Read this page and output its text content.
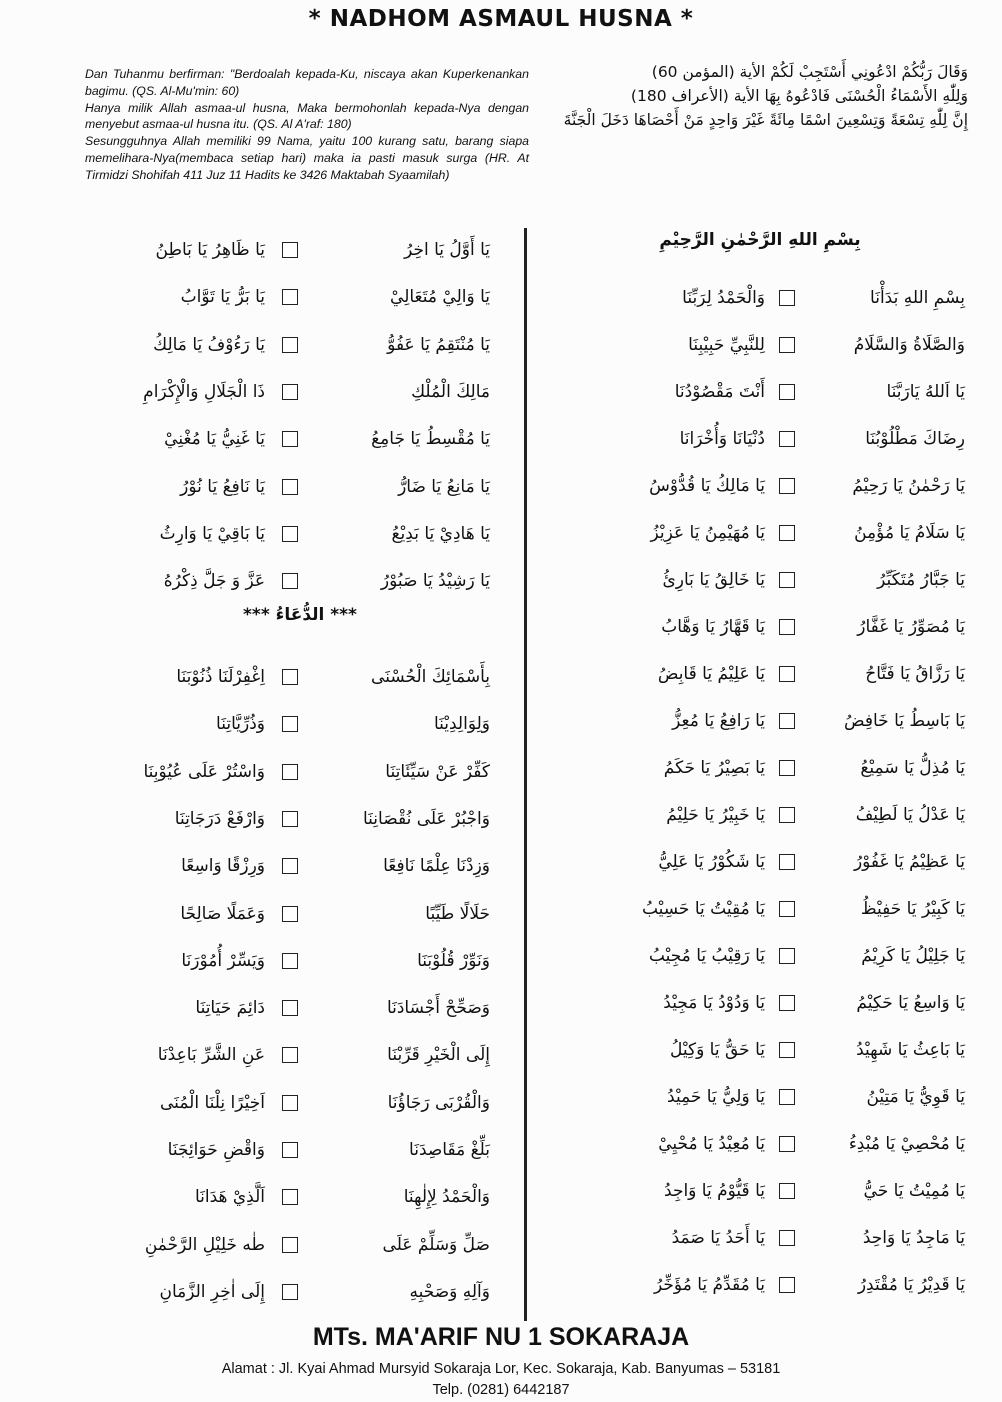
* NADHOM ASMAUL HUSNA *

Dan Tuhanmu berfirman: "Berdoalah kepada-Ku, niscaya akan Kuperkenankan bagimu. (QS. Al-Mu'min: 60)

Hanya milik Allah asmaa-ul husna, Maka bermohonlah kepada-Nya dengan menyebut asmaa-ul husna itu. (QS. Al A'raf: 180)

Sesungguhnya Allah memiliki 99 Nama, yaitu 100 kurang satu, barang siapa memelihara-Nya(membaca setiap hari) maka ia pasti masuk surga (HR. At Tirmidzi Shohifah 411 Juz 11 Hadits ke 3426 Maktabah Syaamilah)

وَقَالَ رَبُّكُمْ ادْعُونِي أَسْتَجِبْ لَكُمْ الأية (المؤمن 60)

وَلِلّٰهِ الأَسْمَاءُ الْحُسْنَى فَادْعُوهُ بِهَا الأية (الأعراف 180)

إِنَّ لِلّٰهِ تِسْعَةً وَتِسْعِينَ اسْمًا مِائَةً غَيْرَ وَاحِدٍ مَنْ أَحْصَاهَا دَخَلَ الْجَنَّةَ

بِسْمِ اللهِ الرَّحْمٰنِ الرَّحِيْمِ
بِسْمِ اللهِ بَدَأْنَا
وَالْحَمْدُ لِرَبِّنَا
وَالصَّلَاةُ وَالسَّلَامُ
لِلنَّبِيِّ حَبِيْبِنَا
يَا اَللهُ يَارَبَّنَا
أَنْتَ مَقْصُوْدُنَا
رِضَاكَ مَطْلُوْبُنَا
دُنْيَانَا وَأُخْرَانَا
يَا رَحْمٰنُ يَا رَحِيْمُ
يَا مَالِكُ يَا قُدُّوْسُ
يَا سَلَامُ يَا مُؤْمِنُ
يَا مُهَيْمِنُ يَا عَزِيْزُ
يَا جَبَّارُ مُتَكَبِّرُ
يَا خَالِقُ يَا بَارِئُ
يَا مُصَوِّرُ يَا غَفَّارُ
يَا قَهَّارُ يَا وَهَّابُ
يَا رَزَّاقُ يَا فَتَّاحُ
يَا عَلِيْمُ يَا قَابِضُ
يَا بَاسِطُ يَا خَافِضُ
يَا رَافِعُ يَا مُعِزُّ
يَا مُذِلُّ يَا سَمِيْعُ
يَا بَصِيْرُ يَا حَكَمُ
يَا عَدْلُ يَا لَطِيْفُ
يَا خَبِيْرُ يَا حَلِيْمُ
يَا عَظِيْمُ يَا غَفُوْرُ
يَا شَكُوْرُ يَا عَلِيُّ
يَا كَبِيْرُ يَا حَفِيْظُ
يَا مُقِيْتُ يَا حَسِيْبُ
يَا جَلِيْلُ يَا كَرِيْمُ
يَا رَقِيْبُ يَا مُجِيْبُ
يَا وَاسِعُ يَا حَكِيْمُ
يَا وَدُوْدُ يَا مَجِيْدُ
يَا بَاعِثُ يَا شَهِيْدُ
يَا حَقُّ يَا وَكِيْلُ
يَا قَوِيُّ يَا مَتِيْنُ
يَا وَلِيُّ يَا حَمِيْدُ
يَا مُحْصِيْ يَا مُبْدِءُ
يَا مُعِيْدُ يَا مُحْيِيْ
يَا مُمِيْتُ يَا حَيُّ
يَا قَيُّوْمُ يَا وَاجِدُ
يَا مَاجِدُ يَا وَاحِدُ
يَا أَحَدُ يَا صَمَدُ
يَا قَدِيْرُ يَا مُقْتَدِرُ
يَا مُقَدِّمُ يَا مُؤَخِّرُ
يَا أَوَّلُ يَا اخِرُ
يَا ظَاهِرُ يَا بَاطِنُ
يَا وَالِيْ مُتَعَالِيْ
يَا بَرُّ يَا تَوَّابُ
يَا مُنْتَقِمُ يَا عَفُوُّ
يَا رَءُوْفُ يَا مَالِكُ
مَالِكَ الْمُلْكِ
ذَا الْجَلَالِ وَالْإِكْرَامِ
يَا مُقْسِطُ يَا جَامِعُ
يَا غَنِيُّ يَا مُغْنِيْ
يَا مَانِعُ يَا ضَارُّ
يَا نَافِعُ يَا نُوْرُ
يَا هَادِيْ يَا بَدِيْعُ
يَا بَاقِيْ يَا وَارِثُ
يَا رَشِيْدُ يَا صَبُوْرُ
عَزَّ وَ جَلَّ ذِكْرُهُ
*** الدُّعَاءُ ***
بِأَسْمَائِكَ الْحُسْنَى
اِغْفِرْلَنَا ذُنُوْبَنَا
وَلِوَالِدِيْنَا
وَذُرِّيَّاتِنَا
كَفِّرْ عَنْ سَيِّئَاتِنَا
وَاسْتُرْ عَلَى عُيُوْبِنَا
وَاجْبُرْ عَلَى نُقْصَانِنَا
وَارْفَعْ دَرَجَاتِنَا
وَزِدْنَا عِلْمًا نَافِعًا
وَرِزْقًا وَاسِعًا
حَلَالًا طَيِّبًا
وَعَمَلًا صَالِحًا
وَنَوِّرْ قُلُوْبَنَا
وَيَسِّرْ أُمُوْرَنَا
وَصَحِّحْ أَجْسَادَنَا
دَائِمَ حَيَاتِنَا
إِلَى الْخَيْرِ قَرِّبْنَا
عَنِ الشَّرِّ بَاعِدْنَا
وَالْقُرْبَى رَجَاؤُنَا
اَخِيْرًا نِلْنَا الْمُنَى
بَلِّغْ مَقَاصِدَنَا
وَاقْضِ حَوَائِجَنَا
وَالْحَمْدُ لِإِلٰهِنَا
اَلَّذِيْ هَدَانَا
صَلِّ وَسَلِّمْ عَلَى
طٰه خَلِيْلِ الرَّحْمٰنِ
وَآلِهِ وَصَحْبِهِ
إِلَى اٰخِرِ الزَّمَانِ
MTs. MA'ARIF NU 1 SOKARAJA
Alamat : Jl. Kyai Ahmad Mursyid Sokaraja Lor, Kec. Sokaraja, Kab. Banyumas – 53181
Telp. (0281) 6442187
